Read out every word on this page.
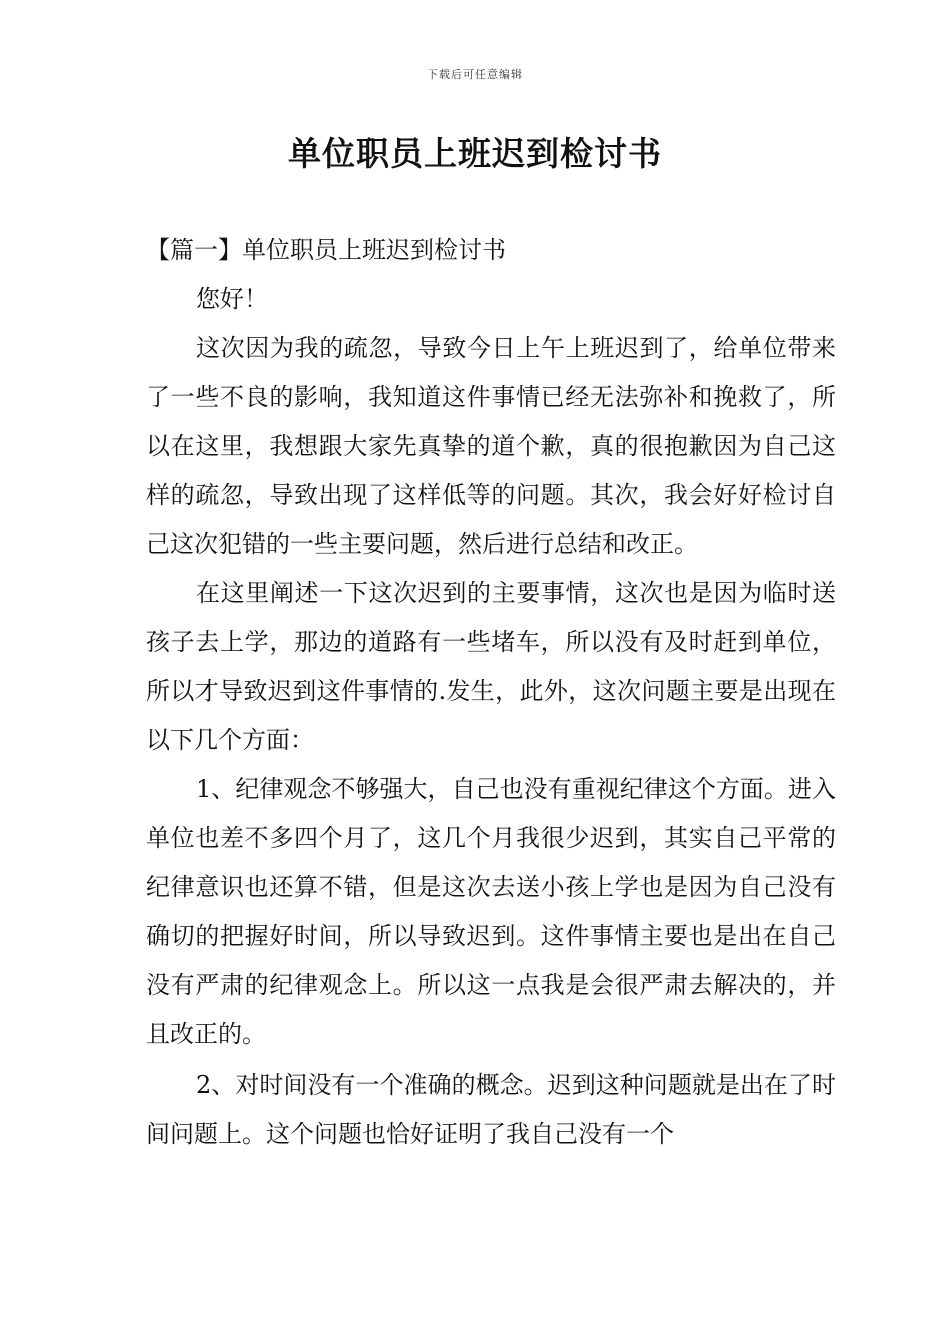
下载后可任意编辑
单位职员上班迟到检讨书

【篇一】单位职员上班迟到检讨书

您好！

这次因为我的疏忽，导致今日上午上班迟到了，给单位带来了一些不良的影响，我知道这件事情已经无法弥补和挽救了，所以在这里，我想跟大家先真挚的道个歉，真的很抱歉因为自己这样的疏忽，导致出现了这样低等的问题。其次，我会好好检讨自己这次犯错的一些主要问题，然后进行总结和改正。

在这里阐述一下这次迟到的主要事情，这次也是因为临时送孩子去上学，那边的道路有一些堵车，所以没有及时赶到单位，所以才导致迟到这件事情的.发生，此外，这次问题主要是出现在以下几个方面：

1、纪律观念不够强大，自己也没有重视纪律这个方面。进入单位也差不多四个月了，这几个月我很少迟到，其实自己平常的纪律意识也还算不错，但是这次去送小孩上学也是因为自己没有确切的把握好时间，所以导致迟到。这件事情主要也是出在自己没有严肃的纪律观念上。所以这一点我是会很严肃去解决的，并且改正的。

2、对时间没有一个准确的概念。迟到这种问题就是出在了时间问题上。这个问题也恰好证明了我自己没有一个
